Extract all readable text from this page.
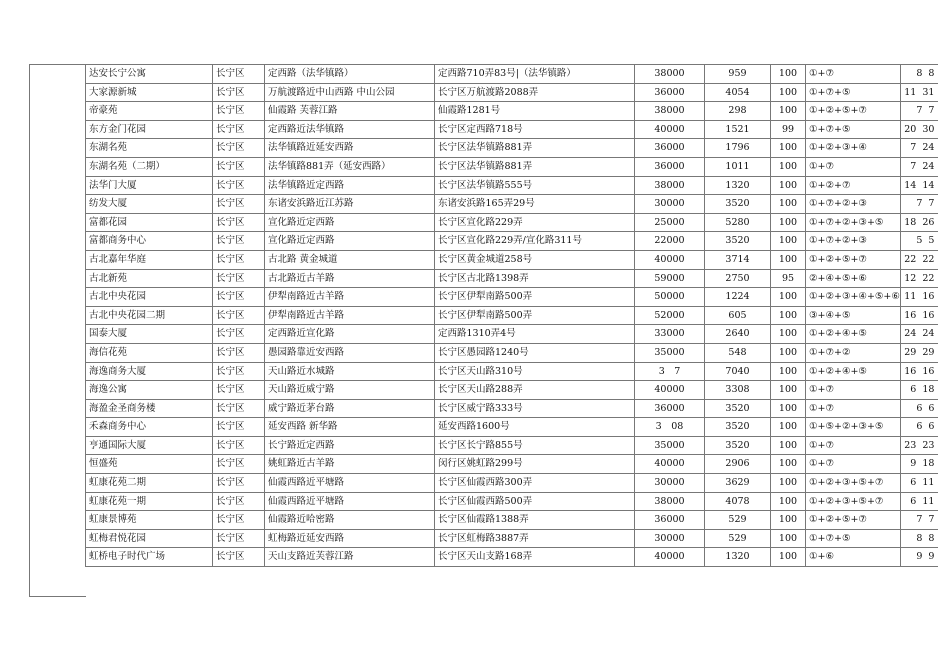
达安长宁公寓	长宁区	定西路（法华镇路）	定西路710弄83号|（法华镇路）	38000	959	100	①+⑦	8 8
大家源新城	长宁区	万航渡路近中山西路 中山公园	长宁区万航渡路2088弄	36000	4054	100	①+⑦+⑤	11 31
帝豪苑	长宁区	仙霞路 芙蓉江路	仙霞路1281号	38000	298	100	①+②+⑤+⑦	7 7
东方金门花园	长宁区	定西路近法华镇路	长宁区定西路718号	40000	1521	99	①+⑦+⑤	20 30
东湖名苑	长宁区	法华镇路近延安西路	长宁区法华镇路881弄	36000	1796	100	①+②+③+④	7 24
东湖名苑（二期）	长宁区	法华镇路881弄（延安西路）	长宁区法华镇路881弄	36000	1011	100	①+⑦	7 24
法华门大厦	长宁区	法华镇路近定西路	长宁区法华镇路555号	38000	1320	100	①+②+⑦	14 14
纺发大厦	长宁区	东诸安浜路近江苏路	东诸安浜路165弄29号	30000	3520	100	①+⑦+②+③	7 7
富都花园	长宁区	宣化路近定西路	长宁区宣化路229弄	25000	5280	100	①+⑦+②+③+⑤	18 26
富都商务中心	长宁区	宣化路近定西路	长宁区宣化路229弄/宣化路311号	22000	3520	100	①+⑦+②+③	5 5
古北嘉年华庭	长宁区	古北路 黄金城道	长宁区黄金城道258号	40000	3714	100	①+②+⑤+⑦	22 22
古北新苑	长宁区	古北路近古羊路	长宁区古北路1398弄	59000	2750	95	②+④+⑤+⑥	12 22
古北中央花园	长宁区	伊犁南路近古羊路	长宁区伊犁南路500弄	50000	1224	100	①+②+③+④+⑤+⑥	11 16
古北中央花园二期	长宁区	伊犁南路近古羊路	长宁区伊犁南路500弄	52000	605	100	③+④+⑤	16 16
国泰大厦	长宁区	定西路近宣化路	定西路1310弄4号	33000	2640	100	①+②+④+⑤	24 24
海信花苑	长宁区	愚园路靠近安西路	长宁区愚园路1240号	35000	548	100	①+⑦+②	29 29
海逸商务大厦	长宁区	天山路近水城路	长宁区天山路310号	3　7	7040	100	①+②+④+⑤	16 16
海逸公寓	长宁区	天山路近威宁路	长宁区天山路288弄	40000	3308	100	①+⑦	6 18
海盈金圣商务楼	长宁区	威宁路近茅台路	长宁区威宁路333号	36000	3520	100	①+⑦	6 6
禾森商务中心	长宁区	延安西路 新华路	延安西路1600号	3　08	3520	100	①+⑤+②+③+⑤	6 6
亨通国际大厦	长宁区	长宁路近定西路	长宁区长宁路855号	35000	3520	100	①+⑦	23 23
恒盛苑	长宁区	姚虹路近古羊路	闵行区姚虹路299号	40000	2906	100	①+⑦	9 18
虹康花苑二期	长宁区	仙霞西路近平塘路	长宁区仙霞西路300弄	30000	3629	100	①+②+③+⑤+⑦	6 11
虹康花苑一期	长宁区	仙霞西路近平塘路	长宁区仙霞西路500弄	38000	4078	100	①+②+③+⑤+⑦	6 11
虹康景博苑	长宁区	仙霞路近哈密路	长宁区仙霞路1388弄	36000	529	100	①+②+⑤+⑦	7 7
虹梅君悦花园	长宁区	虹梅路近延安西路	长宁区虹梅路3887弄	30000	529	100	①+⑦+⑤	8 8
虹桥电子时代广场	长宁区	天山支路近芙蓉江路	长宁区天山支路168弄	40000	1320	100	①+⑥	9 9
